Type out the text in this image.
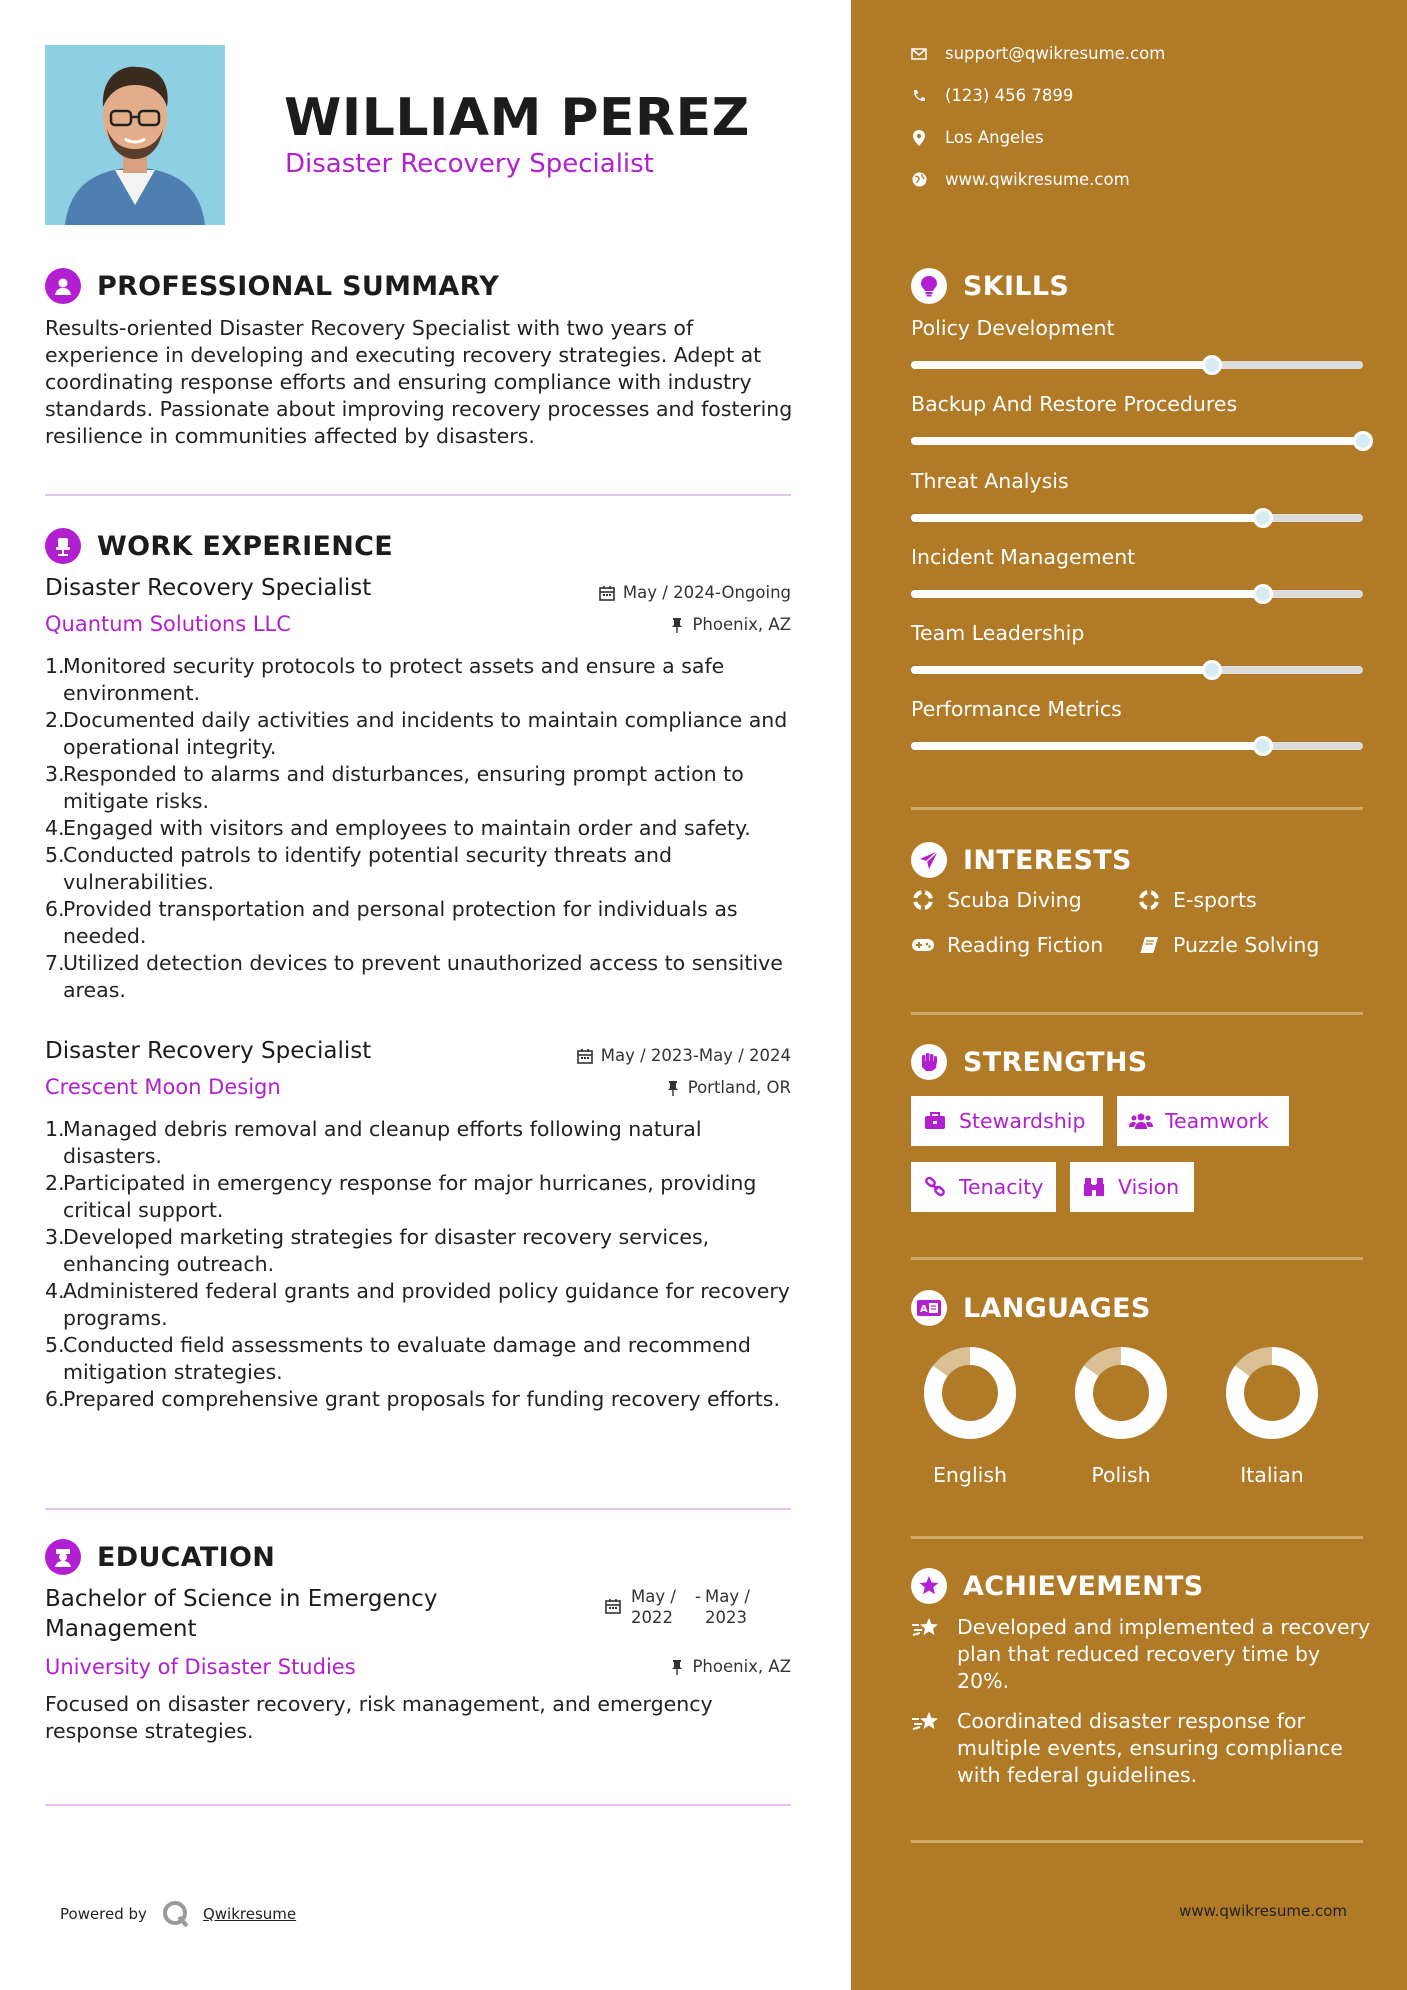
WILLIAM PEREZ
Disaster Recovery Specialist
PROFESSIONAL SUMMARY
Results-oriented Disaster Recovery Specialist with two years of experience in developing and executing recovery strategies. Adept at coordinating response efforts and ensuring compliance with industry standards. Passionate about improving recovery processes and fostering resilience in communities affected by disasters.
WORK EXPERIENCE
Disaster Recovery Specialist	May / 2024-Ongoing
Quantum Solutions LLC	Phoenix, AZ
1.
Monitored security protocols to protect assets and ensure a safe environment.
2.
Documented daily activities and incidents to maintain compliance and operational integrity.
3.
Responded to alarms and disturbances, ensuring prompt action to mitigate risks.
4.
Engaged with visitors and employees to maintain order and safety.
5.
Conducted patrols to identify potential security threats and vulnerabilities.
6.
Provided transportation and personal protection for individuals as needed.
7.
Utilized detection devices to prevent unauthorized access to sensitive areas.
Disaster Recovery Specialist	May / 2023-May / 2024
Crescent Moon Design	Portland, OR
1.
Managed debris removal and cleanup efforts following natural disasters.
2.
Participated in emergency response for major hurricanes, providing critical support.
3.
Developed marketing strategies for disaster recovery services, enhancing outreach.
4.
Administered federal grants and provided policy guidance for recovery programs.
5.
Conducted field assessments to evaluate damage and recommend mitigation strategies.
6.
Prepared comprehensive grant proposals for funding recovery efforts.
EDUCATION
Bachelor of Science in Emergency Management
May / 2022
- May / 2023
University of Disaster Studies	Phoenix, AZ
Focused on disaster recovery, risk management, and emergency response strategies.
Powered by	Qwikresume
support@qwikresume.com
(123) 456 7899
Los Angeles
www.qwikresume.com
SKILLS
Policy Development
Backup And Restore Procedures
Threat Analysis
Incident Management
Team Leadership
Performance Metrics
INTERESTS
Scuba Diving	E-sports
Reading Fiction	Puzzle Solving
STRENGTHS
Stewardship	Teamwork
Tenacity	Vision
A LANGUAGES
English	Polish	Italian
ACHIEVEMENTS
Developed and implemented a recovery plan that reduced recovery time by 20%.
Coordinated disaster response for multiple events, ensuring compliance with federal guidelines.
www.qwikresume.com
